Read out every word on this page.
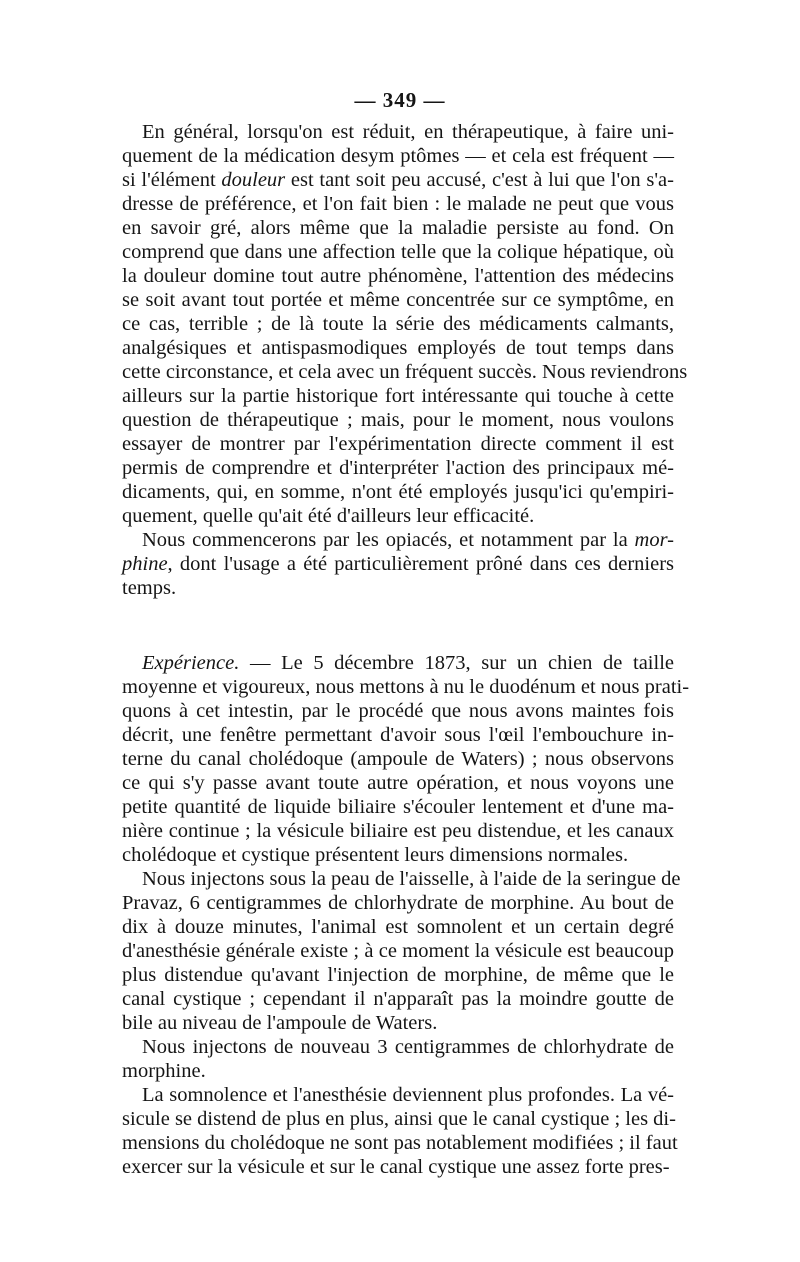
— 349 —
En général, lorsqu'on est réduit, en thérapeutique, à faire uni-
quement de la médication desym ptômes — et cela est fréquent —
si l'élément douleur est tant soit peu accusé, c'est à lui que l'on s'a-
dresse de préférence, et l'on fait bien : le malade ne peut que vous
en savoir gré, alors même que la maladie persiste au fond. On
comprend que dans une affection telle que la colique hépatique, où
la douleur domine tout autre phénomène, l'attention des médecins
se soit avant tout portée et même concentrée sur ce symptôme, en
ce cas, terrible ; de là toute la série des médicaments calmants,
analgésiques et antispasmodiques employés de tout temps dans
cette circonstance, et cela avec un fréquent succès. Nous reviendrons
ailleurs sur la partie historique fort intéressante qui touche à cette
question de thérapeutique ; mais, pour le moment, nous voulons
essayer de montrer par l'expérimentation directe comment il est
permis de comprendre et d'interpréter l'action des principaux mé-
dicaments, qui, en somme, n'ont été employés jusqu'ici qu'empiri-
quement, quelle qu'ait été d'ailleurs leur efficacité.
Nous commencerons par les opiacés, et notamment par la mor-
phine, dont l'usage a été particulièrement prôné dans ces derniers
temps.
Expérience. — Le 5 décembre 1873, sur un chien de taille
moyenne et vigoureux, nous mettons à nu le duodénum et nous prati-
quons à cet intestin, par le procédé que nous avons maintes fois
décrit, une fenêtre permettant d'avoir sous l'œil l'embouchure in-
terne du canal cholédoque (ampoule de Waters) ; nous observons
ce qui s'y passe avant toute autre opération, et nous voyons une
petite quantité de liquide biliaire s'écouler lentement et d'une ma-
nière continue ; la vésicule biliaire est peu distendue, et les canaux
cholédoque et cystique présentent leurs dimensions normales.
Nous injectons sous la peau de l'aisselle, à l'aide de la seringue de
Pravaz, 6 centigrammes de chlorhydrate de morphine. Au bout de
dix à douze minutes, l'animal est somnolent et un certain degré
d'anesthésie générale existe ; à ce moment la vésicule est beaucoup
plus distendue qu'avant l'injection de morphine, de même que le
canal cystique ; cependant il n'apparaît pas la moindre goutte de
bile au niveau de l'ampoule de Waters.
Nous injectons de nouveau 3 centigrammes de chlorhydrate de
morphine.
La somnolence et l'anesthésie deviennent plus profondes. La vé-
sicule se distend de plus en plus, ainsi que le canal cystique ; les di-
mensions du cholédoque ne sont pas notablement modifiées ; il faut
exercer sur la vésicule et sur le canal cystique une assez forte pres-
